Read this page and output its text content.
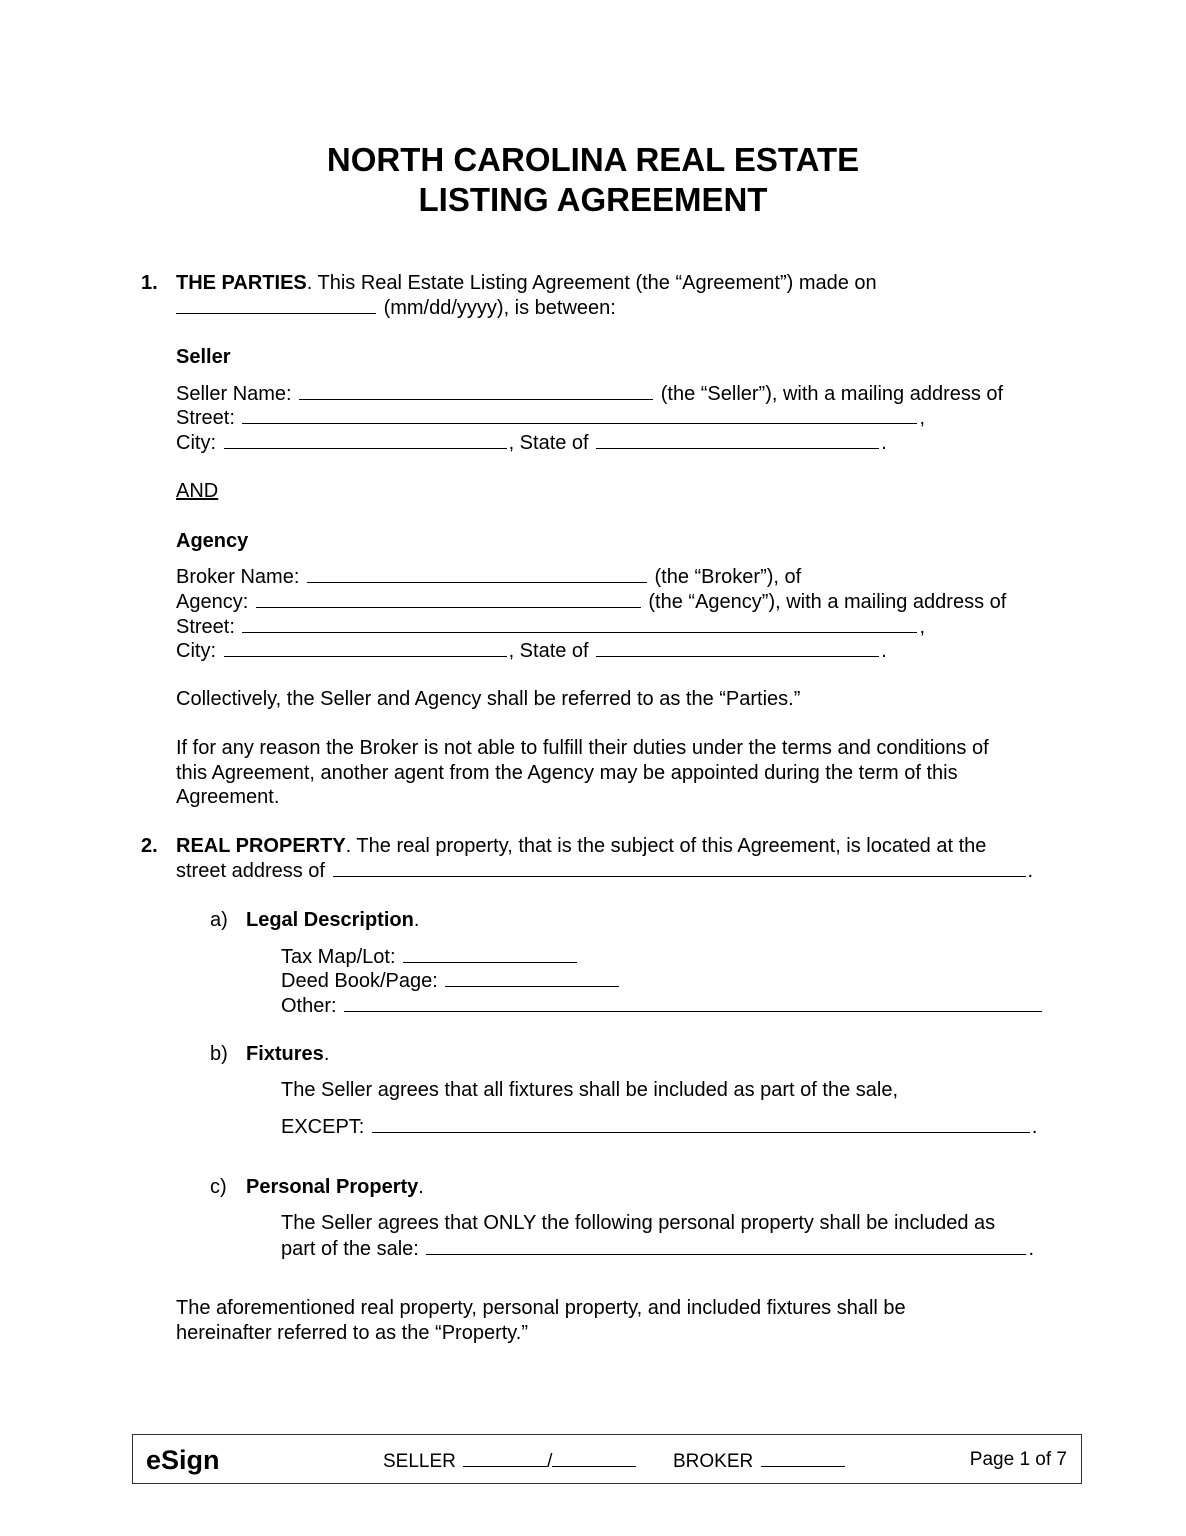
NORTH CAROLINA REAL ESTATE
LISTING AGREEMENT
1. THE PARTIES. This Real Estate Listing Agreement (the “Agreement”) made on
(mm/dd/yyyy), is between:
Seller
Seller Name:	(the “Seller”), with a mailing address of
Street:	,
City:	, State of	.
AND
Agency
Broker Name:	(the “Broker”), of
Agency:	(the “Agency”), with a mailing address of
Street:	,
City:	, State of	.
Collectively, the Seller and Agency shall be referred to as the “Parties.”
If for any reason the Broker is not able to fulfill their duties under the terms and conditions of
this Agreement, another agent from the Agency may be appointed during the term of this
Agreement.
2. REAL PROPERTY. The real property, that is the subject of this Agreement, is located at the
street address of	.
a) Legal Description.
Tax Map/Lot:
Deed Book/Page:
Other:
b) Fixtures.
The Seller agrees that all fixtures shall be included as part of the sale,
EXCEPT:	.
c) Personal Property.
The Seller agrees that ONLY the following personal property shall be included as
part of the sale:	.
The aforementioned real property, personal property, and included fixtures shall be
hereinafter referred to as the “Property.”
eSign	SELLER	/	BROKER	Page 1 of 7
